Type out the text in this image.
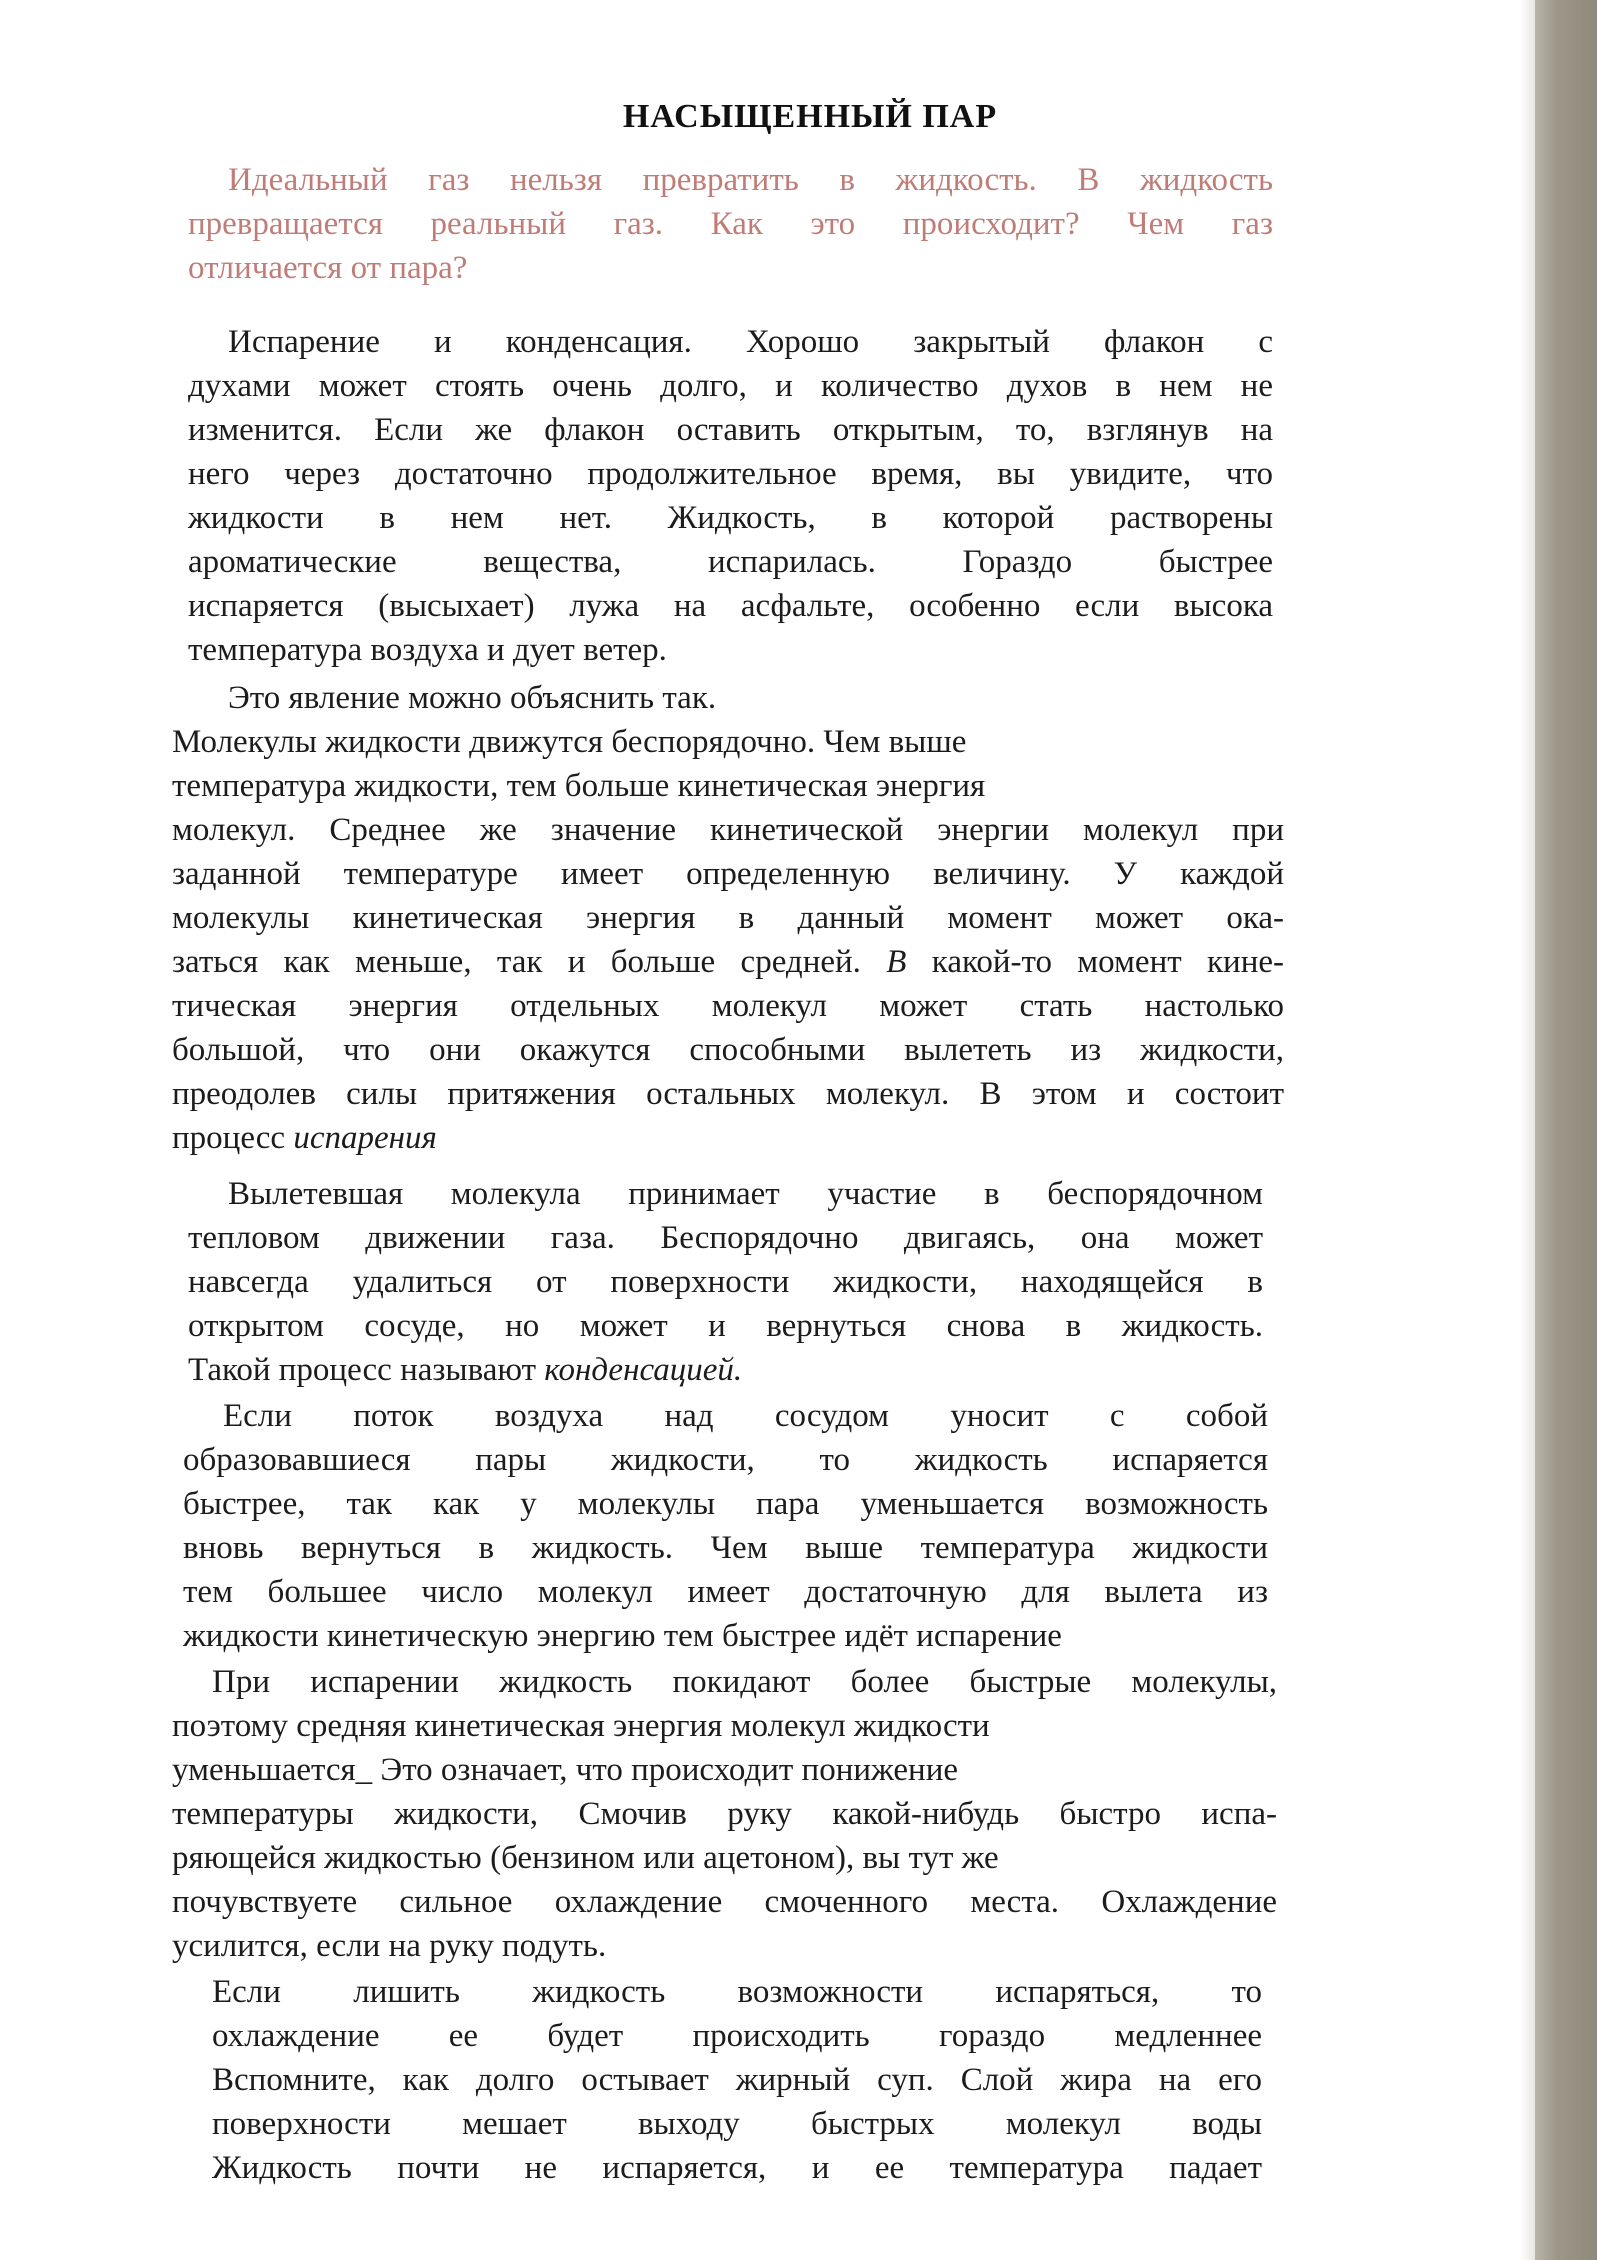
НАСЫЩЕННЫЙ ПАР

Идеальный газ нельзя превратить в жидкость. В жидкость

превращается реальный газ. Как это происходит? Чем газ

отличается от пара?

Испарение и конденсация. Хорошо закрытый флакон с

духами может стоять очень долго, и количество духов в нем не

изменится. Если же флакон оставить открытым, то, взглянув на

него через достаточно продолжительное время, вы увидите, что

жидкости в нем нет. Жидкость, в которой растворены

ароматические вещества, испарилась. Гораздо быстрее

испаряется (высыхает) лужа на асфальте, особенно если высока

температура воздуха и дует ветер.

Это явление можно объяснить так.

Молекулы жидкости движутся беспорядочно. Чем выше

температура жидкости, тем больше кинетическая энергия

молекул. Среднее же значение кинетической энергии молекул при

заданной температуре имеет определенную величину. У каждой

молекулы кинетическая энергия в данный момент может ока-

заться как меньше, так и больше средней. В какой-то момент кине-

тическая энергия отдельных молекул может стать настолько

большой, что они окажутся способными вылететь из жидкости,

преодолев силы притяжения остальных молекул. В этом и состоит

процесс испарения

Вылетевшая молекула принимает участие в беспорядочном

тепловом движении газа. Беспорядочно двигаясь, она может

навсегда удалиться от поверхности жидкости, находящейся в

открытом сосуде, но может и вернуться снова в жидкость.

Такой процесс называют конденсацией.

Если поток воздуха над сосудом уносит с собой

образовавшиеся пары жидкости, то жидкость испаряется

быстрее, так как у молекулы пара уменьшается возможность

вновь вернуться в жидкость. Чем выше температура жидкости

тем большее число молекул имеет достаточную для вылета из

жидкости кинетическую энергию тем быстрее идёт испарение

При испарении жидкость покидают более быстрые молекулы,

поэтому средняя кинетическая энергия молекул жидкости

уменьшается_ Это означает, что происходит понижение

температуры жидкости, Смочив руку какой-нибудь быстро испа-

ряющейся жидкостью (бензином или ацетоном), вы тут же

почувствуете сильное охлаждение смоченного места. Охлаждение

усилится, если на руку подуть.

Если лишить жидкость возможности испаряться, то

охлаждение ее будет происходить гораздо медленнее

Вспомните, как долго остывает жирный суп. Слой жира на его

поверхности мешает выходу быстрых молекул воды

Жидкость почти не испаряется, и ее температура падает
